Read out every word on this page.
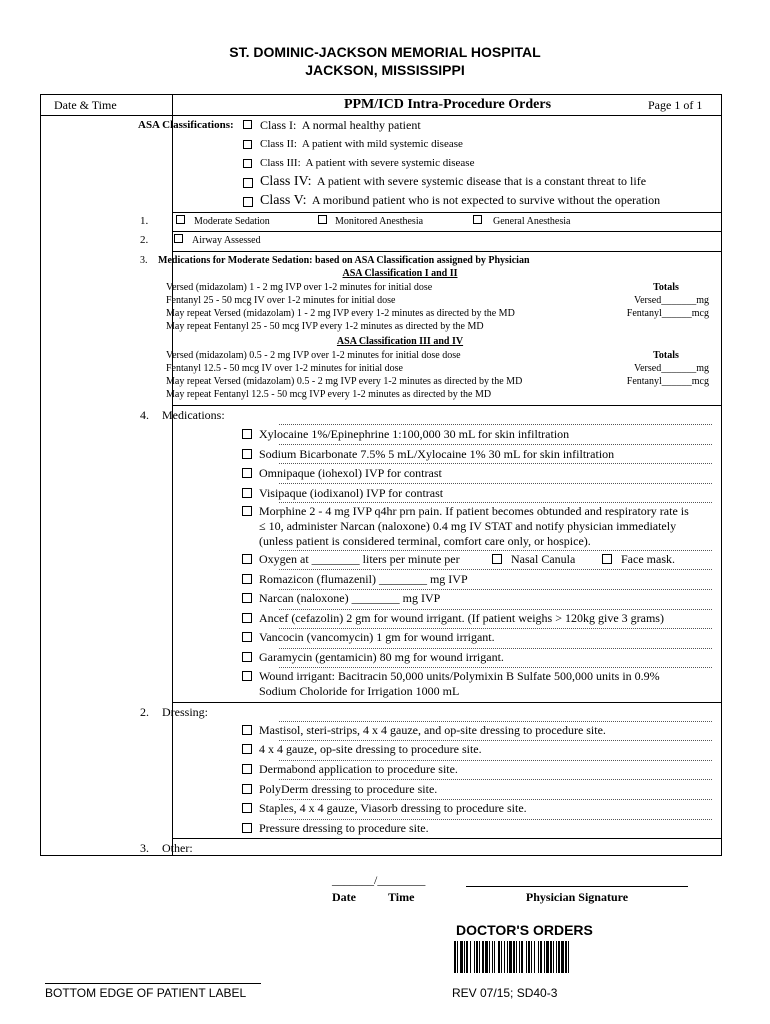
ST. DOMINIC-JACKSON MEMORIAL HOSPITAL
JACKSON, MISSISSIPPI
Date & Time	PPM/ICD Intra-Procedure Orders	Page 1 of 1
ASA Classifications: Class I: A normal healthy patient
Class II: A patient with mild systemic disease
Class III: A patient with severe systemic disease
Class IV: A patient with severe systemic disease that is a constant threat to life
Class V: A moribund patient who is not expected to survive without the operation
1.	Moderate Sedation	Monitored Anesthesia	General Anesthesia
2.	Airway Assessed
3. Medications for Moderate Sedation: based on ASA Classification assigned by Physician
ASA Classification I and II
Versed (midazolam) 1 - 2 mg IVP over 1-2 minutes for initial dose
Fentanyl 25 - 50 mcg IV over 1-2 minutes for initial dose
May repeat Versed (midazolam) 1 - 2 mg IVP every 1-2 minutes as directed by the MD
May repeat Fentanyl 25 - 50 mcg IVP every 1-2 minutes as directed by the MD
Totals
Versed_______mg
Fentanyl______mcg
ASA Classification III and IV
Versed (midazolam) 0.5 - 2 mg IVP over 1-2 minutes for initial dose dose
Fentanyl 12.5 - 50 mcg IV over 1-2 minutes for initial dose
May repeat Versed (midazolam) 0.5 - 2 mg IVP every 1-2 minutes as directed by the MD
May repeat Fentanyl 12.5 - 50 mcg IVP every 1-2 minutes as directed by the MD
Totals
Versed_______mg
Fentanyl______mcg
4. Medications:
Xylocaine 1%/Epinephrine 1:100,000 30 mL for skin infiltration
Sodium Bicarbonate 7.5% 5 mL/Xylocaine 1% 30 mL for skin infiltration
Omnipaque (iohexol) IVP for contrast
Visipaque (iodixanol) IVP for contrast
Morphine 2 - 4 mg IVP q4hr prn pain. If patient becomes obtunded and respiratory rate is
≤ 10, administer Narcan (naloxone) 0.4 mg IV STAT and notify physician immediately
(unless patient is considered terminal, comfort care only, or hospice).
Oxygen at ________ liters per minute per	Nasal Canula	Face mask.
Romazicon (flumazenil) ________ mg IVP
Narcan (naloxone) ________ mg IVP
Ancef (cefazolin) 2 gm for wound irrigant. (If patient weighs > 120kg give 3 grams)
Vancocin (vancomycin) 1 gm for wound irrigant.
Garamycin (gentamicin) 80 mg for wound irrigant.
Wound irrigant: Bacitracin 50,000 units/Polymixin B Sulfate 500,000 units in 0.9%
Sodium Choloride for Irrigation 1000 mL
2. Dressing:
Mastisol, steri-strips, 4 x 4 gauze, and op-site dressing to procedure site.
4 x 4 gauze, op-site dressing to procedure site.
Dermabond application to procedure site.
PolyDerm dressing to procedure site.
Staples, 4 x 4 gauze, Viasorb dressing to procedure site.
Pressure dressing to procedure site.
3. Other:
_______/________
Date	Time	Physician Signature
DOCTOR'S ORDERS
BOTTOM EDGE OF PATIENT LABEL	REV 07/15; SD40-3
